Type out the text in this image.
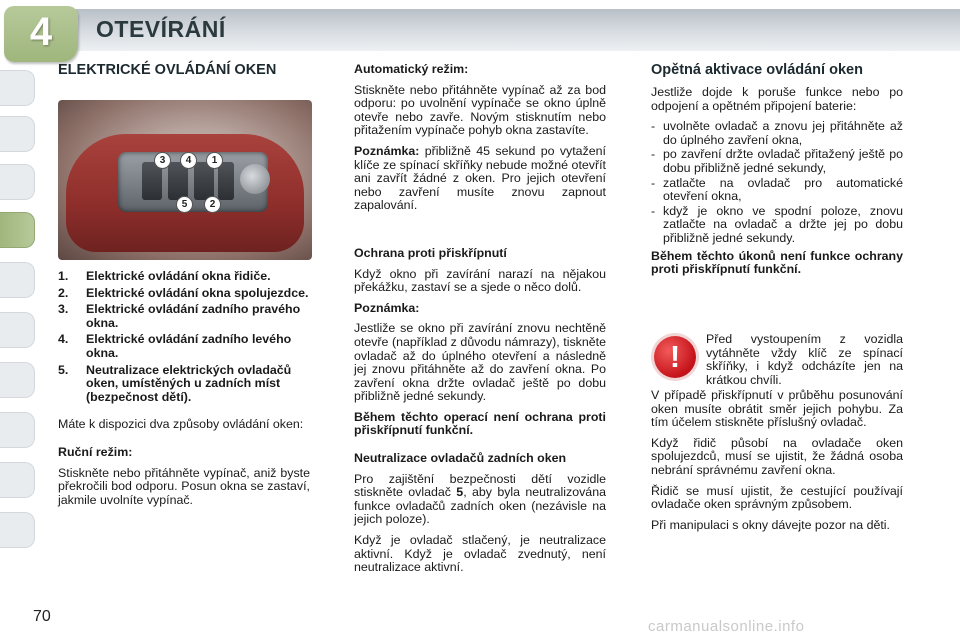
4	OTEVÍRÁNÍ
ELEKTRICKÉ OVLÁDÁNÍ OKEN
3	4	1
5	2
1.	Elektrické ovládání okna řidiče.
2.	Elektrické ovládání okna spolujezdce.
3.	Elektrické ovládání zadního pravého okna.
4.	Elektrické ovládání zadního levého okna.
5.	Neutralizace elektrických ovladačů oken, umístěných u zadních míst (bezpečnost dětí).

Máte k dispozici dva způsoby ovládání oken:

Ruční režim:

Stiskněte nebo přitáhněte vypínač, aniž byste překročili bod odporu. Posun okna se zastaví, jakmile uvolníte vypínač.

Automatický režim:

Stiskněte nebo přitáhněte vypínač až za bod odporu: po uvolnění vypínače se okno úplně otevře nebo zavře. Novým stisknutím nebo přitažením vypínače pohyb okna zastavíte.

Poznámka: přibližně 45 sekund po vytažení klíče ze spínací skříňky nebude možné otevřít ani zavřít žádné z oken. Pro jejich otevření nebo zavření musíte znovu zapnout zapalování.

Ochrana proti přiskřípnutí

Když okno při zavírání narazí na nějakou překážku, zastaví se a sjede o něco dolů.

Poznámka:

Jestliže se okno při zavírání znovu nechtěně otevře (například z důvodu námrazy), tiskněte ovladač až do úplného otevření a následně jej znovu přitáhněte až do zavření okna. Po zavření okna držte ovladač ještě po dobu přibližně jedné sekundy.

Během těchto operací není ochrana proti přiskřípnutí funkční.

Neutralizace ovladačů zadních oken

Pro zajištění bezpečnosti dětí vozidle stiskněte ovladač 5, aby byla neutralizována funkce ovladačů zadních oken (nezávisle na jejich poloze).

Když je ovladač stlačený, je neutralizace aktivní. Když je ovladač zvednutý, není neutralizace aktivní.

Opětná aktivace ovládání oken

Jestliže dojde k poruše funkce nebo po odpojení a opětném připojení baterie:

- uvolněte ovladač a znovu jej přitáhněte až do úplného zavření okna,
- po zavření držte ovladač přitažený ještě po dobu přibližně jedné sekundy,
- zatlačte na ovladač pro automatické otevření okna,
- když je okno ve spodní poloze, znovu zatlačte na ovladač a držte jej po dobu přibližně jedné sekundy.

Během těchto úkonů není funkce ochrany proti přiskřípnutí funkční.

!	Před vystoupením z vozidla vytáhněte vždy klíč ze spínací skříňky, i když odcházíte jen na krátkou chvíli.

V případě přiskřípnutí v průběhu posunování oken musíte obrátit směr jejich pohybu. Za tím účelem stiskněte příslušný ovladač.

Když řidič působí na ovladače oken spolujezdců, musí se ujistit, že žádná osoba nebrání správnému zavření okna.

Řidič se musí ujistit, že cestující používají ovladače oken správným způsobem.

Při manipulaci s okny dávejte pozor na děti.

70
carmanualsonline.info
